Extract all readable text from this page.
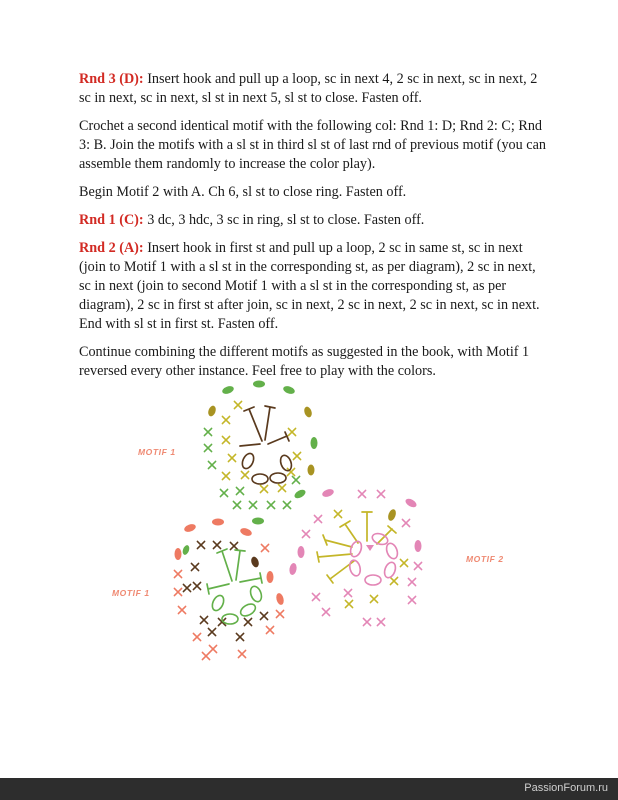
Rnd 3 (D): Insert hook and pull up a loop, sc in next 4, 2 sc in next, sc in next, 2 sc in next, sc in next, sl st in next 5, sl st to close. Fasten off.

Crochet a second identical motif with the following col: Rnd 1: D; Rnd 2: C; Rnd 3: B. Join the motifs with a sl st in third sl st of last rnd of previous motif (you can assemble them randomly to increase the color play).

Begin Motif 2 with A. Ch 6, sl st to close ring. Fasten off.

Rnd 1 (C): 3 dc, 3 hdc, 3 sc in ring, sl st to close. Fasten off.

Rnd 2 (A): Insert hook in first st and pull up a loop, 2 sc in same st, sc in next (join to Motif 1 with a sl st in the corresponding st, as per diagram), 2 sc in next, sc in next (join to second Motif 1 with a sl st in the corresponding st, as per diagram), 2 sc in first st after join, sc in next, 2 sc in next, 2 sc in next, sc in next. End with sl st in first st. Fasten off.

Continue combining the different motifs as suggested in the book, with Motif 1 reversed every other instance. Feel free to play with the colors.

MOTIF 1
MOTIF 1
MOTIF 2
PassionForum.ru
